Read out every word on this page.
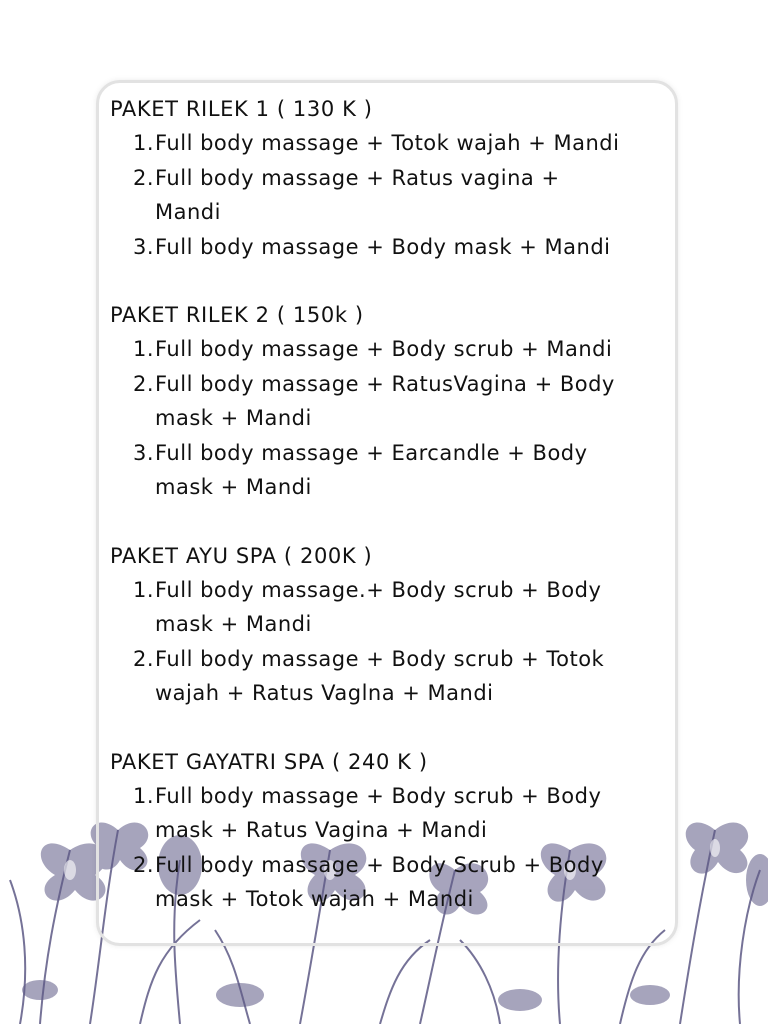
PAKET RILEK 1 ( 130 K )

Full body massage + Totok wajah + Mandi
Full body massage + Ratus vagina + Mandi
Full body massage + Body mask + Mandi

PAKET RILEK 2 ( 150k )

Full body massage + Body scrub + Mandi
Full body massage + RatusVagina + Body mask + Mandi
Full body massage + Earcandle + Body mask + Mandi

PAKET AYU SPA ( 200K )

Full body massage.+ Body scrub + Body mask + Mandi
Full body massage + Body scrub + Totok wajah + Ratus Vaglna + Mandi

PAKET GAYATRI SPA ( 240 K )

Full body massage + Body scrub + Body mask + Ratus Vagina + Mandi
Full body massage + Body Scrub + Body mask + Totok wajah + Mandi
